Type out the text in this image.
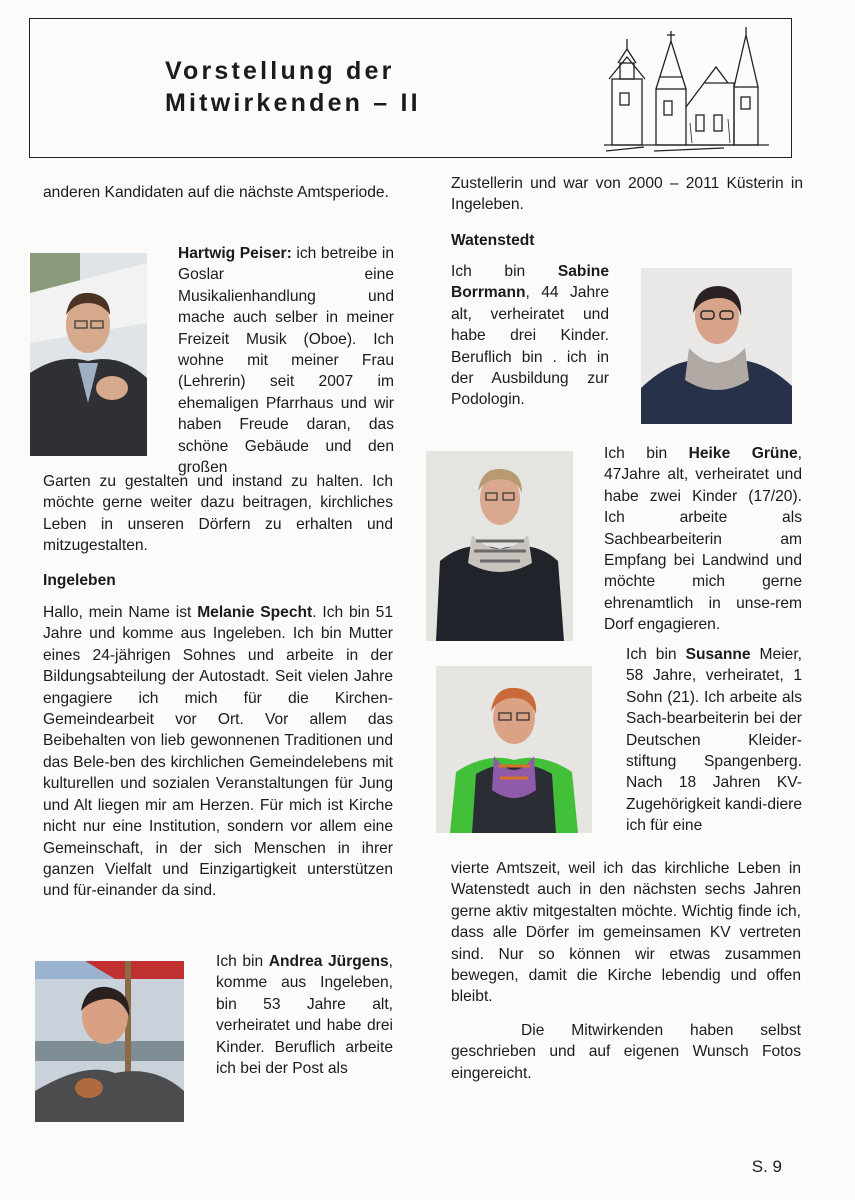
Vorstellung der
Mitwirkenden – II

anderen Kandidaten auf die nächste Amtsperiode.

Hartwig Peiser: ich betreibe in Goslar eine Musikalienhandlung und mache auch selber in meiner Freizeit Musik (Oboe). Ich wohne mit meiner Frau (Lehrerin) seit 2007 im ehemaligen Pfarrhaus und wir haben Freude daran, das schöne Gebäude und den großen

Garten zu gestalten und instand zu halten. Ich möchte gerne weiter dazu beitragen, kirchliches Leben in unseren Dörfern zu erhalten und mitzugestalten.

Ingeleben

Hallo, mein Name ist Melanie Specht. Ich bin 51 Jahre und komme aus Ingeleben. Ich bin Mutter eines 24-jährigen Sohnes und arbeite in der Bildungsabteilung der Autostadt. Seit vielen Jahre engagiere ich mich für die Kirchen-Gemeindearbeit vor Ort. Vor allem das Beibehalten von lieb gewonnenen Traditionen und das Bele-ben des kirchlichen Gemeindelebens mit kulturellen und sozialen Veranstaltungen für Jung und Alt liegen mir am Herzen. Für mich ist Kirche nicht nur eine Institution, sondern vor allem eine Gemeinschaft, in der sich Menschen in ihrer ganzen Vielfalt und Einzigartigkeit unterstützen und für-einander da sind.

Ich bin Andrea Jürgens, komme aus Ingeleben, bin 53 Jahre alt, verheiratet und habe drei Kinder. Beruflich arbeite ich bei der Post als

Zustellerin und war von 2000 – 2011 Küsterin in Ingeleben.

Watenstedt

Ich bin Sabine Borrmann, 44 Jahre alt, verheiratet und habe drei Kinder. Beruflich bin . ich in der Ausbildung zur Podologin.

Ich bin Heike Grüne, 47Jahre alt, verheiratet und habe zwei Kinder (17/20). Ich arbeite als Sachbearbeiterin am Empfang bei Landwind und möchte mich gerne ehrenamtlich in unse-rem Dorf engagieren.

Ich bin Susanne Meier, 58 Jahre, verheiratet, 1 Sohn (21). Ich arbeite als Sach-bearbeiterin bei der Deutschen Kleider-stiftung Spangenberg. Nach 18 Jahren KV-Zugehörigkeit kandi-diere ich für eine

vierte Amtszeit, weil ich das kirchliche Leben in Watenstedt auch in den nächsten sechs Jahren gerne aktiv mitgestalten möchte. Wichtig finde ich, dass alle Dörfer im gemeinsamen KV vertreten sind. Nur so können wir etwas zusammen bewegen, damit die Kirche lebendig und offen bleibt.

Die Mitwirkenden haben selbst geschrieben und auf eigenen Wunsch Fotos eingereicht.

S. 9
